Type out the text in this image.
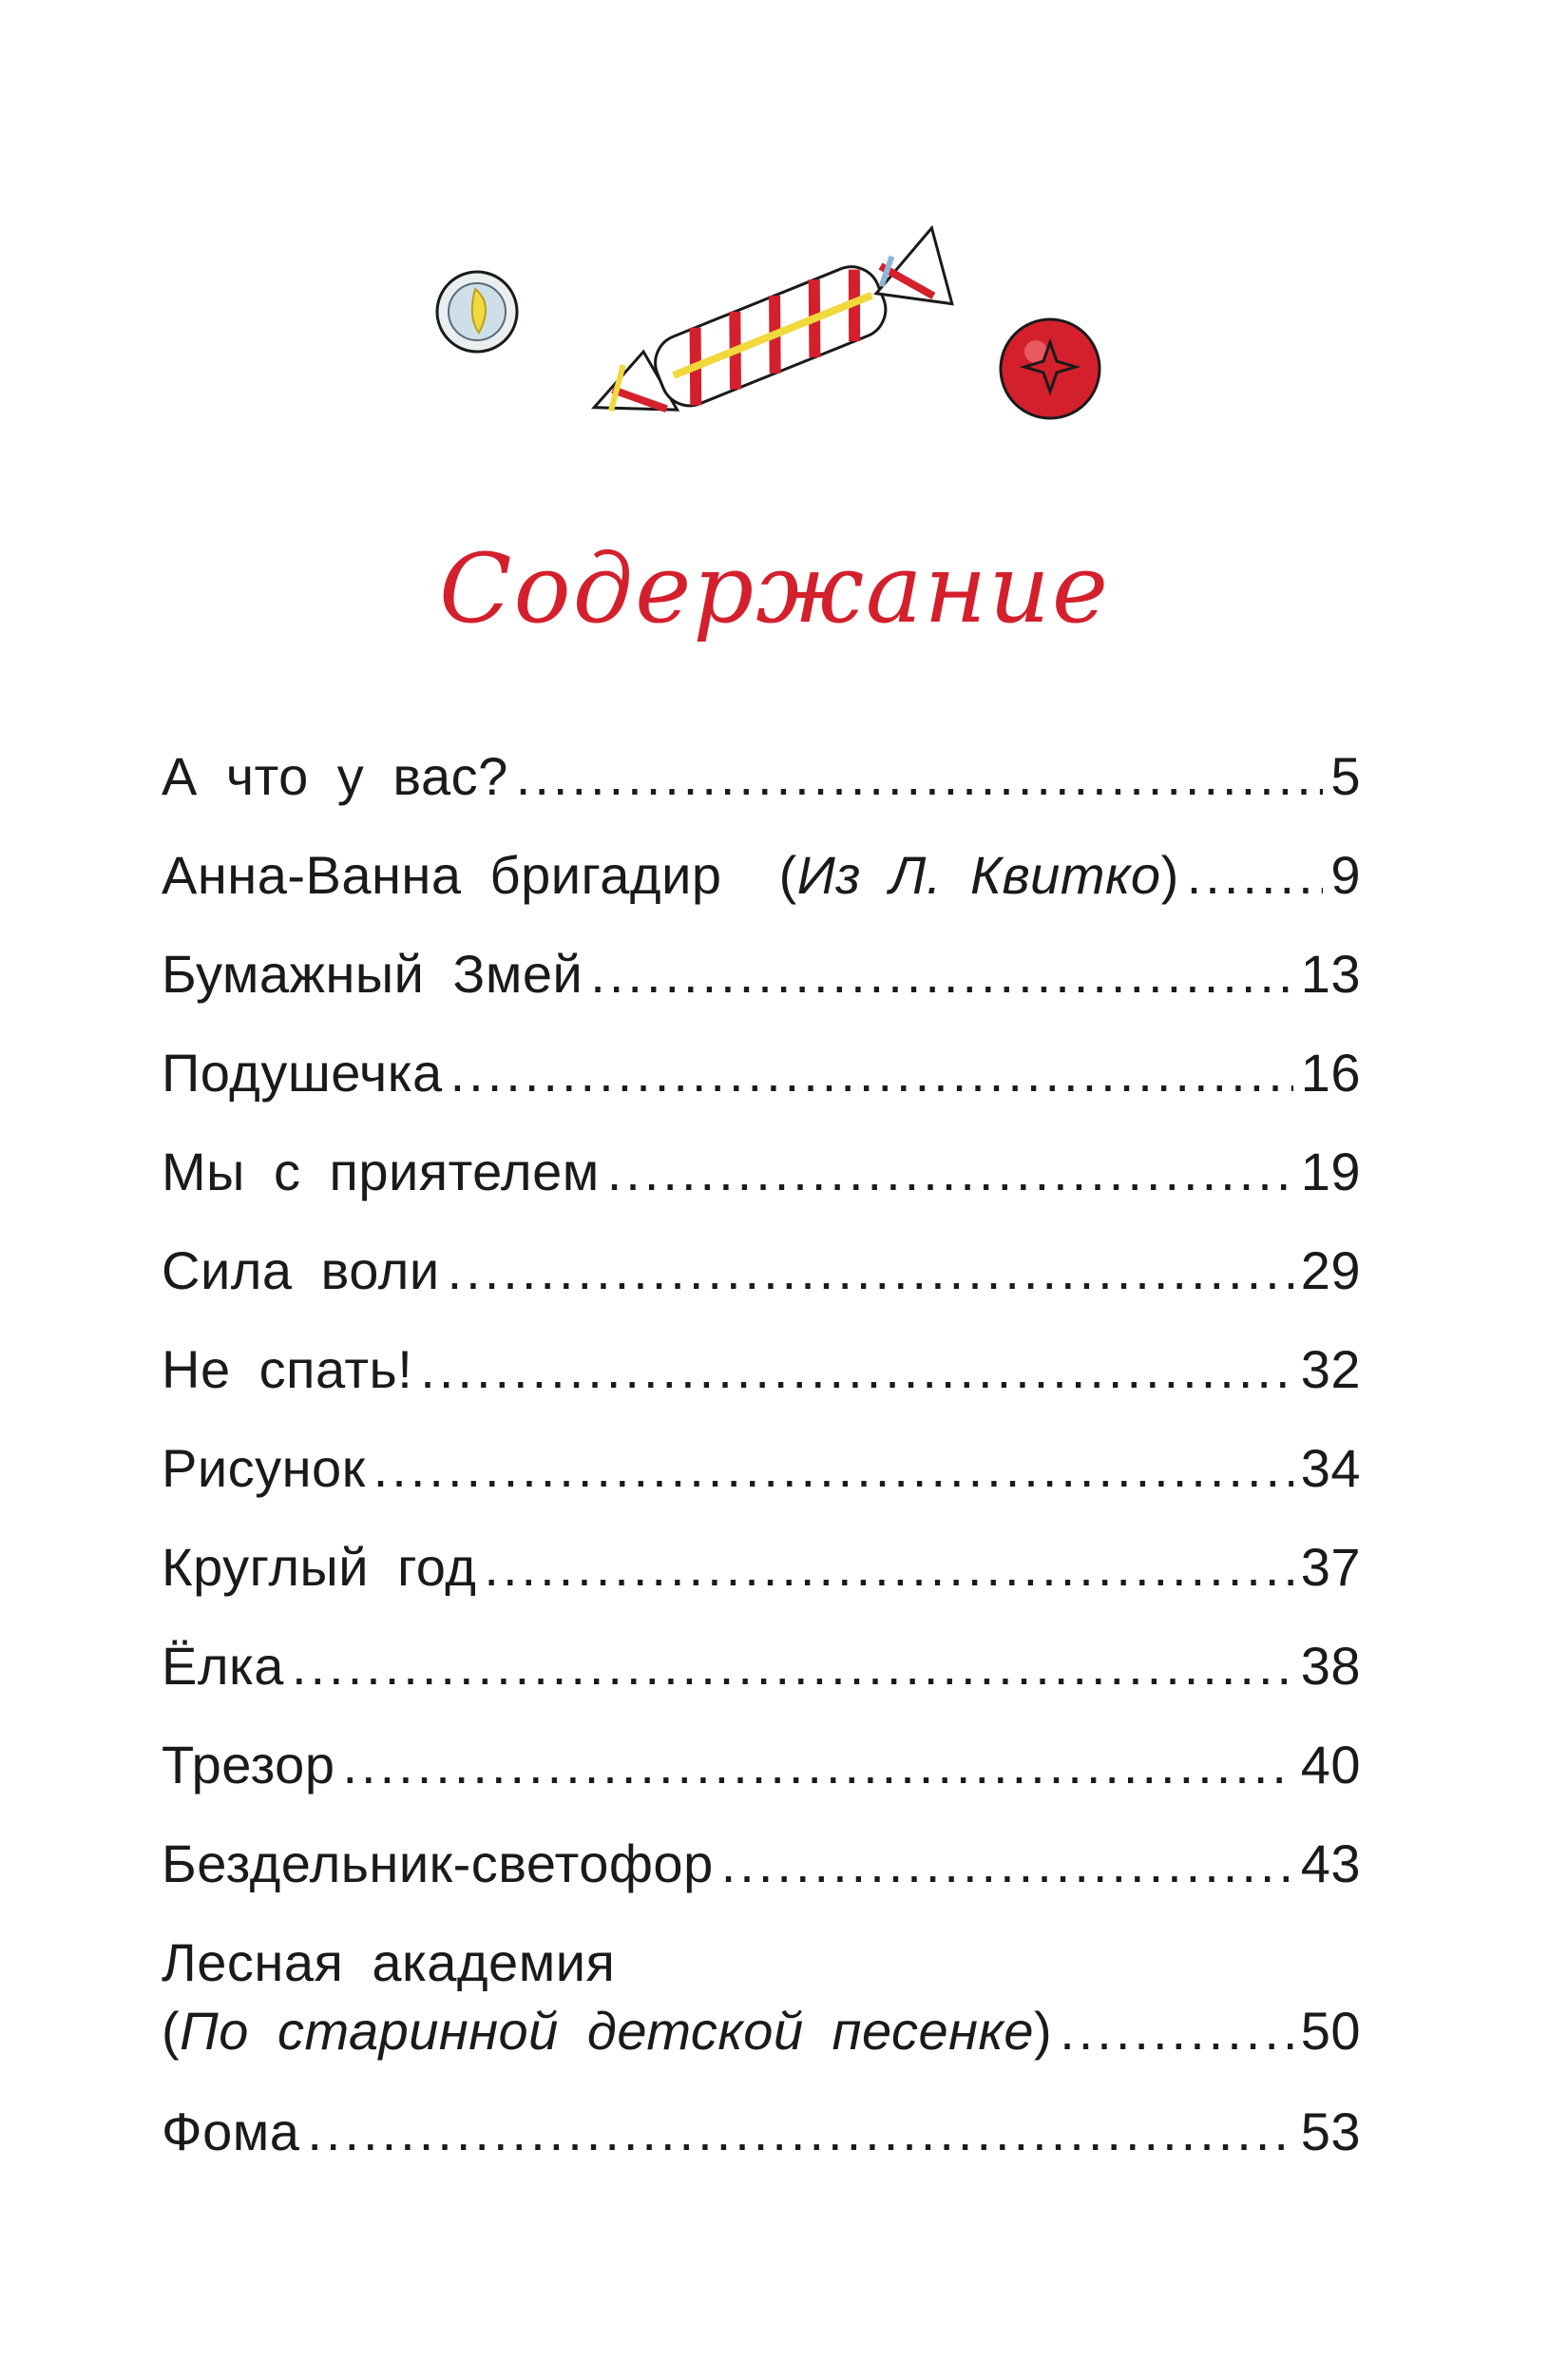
Содержание
А что у вас? .....	5
Анна-Ванна бригадир	(Из Л. Квитко) .....	9
Бумажный Змей .....	13
Подушечка .....	16
Мы с приятелем .....	19
Сила воли .....	29
Не спать! .....	32
Рисунок .....	34
Круглый год .....	37
Ёлка .....	38
Трезор .....	40
Бездельник-светофор .....	43
Лесная академия
(По старинной детской песенке) .....	50
Фома .....	53
